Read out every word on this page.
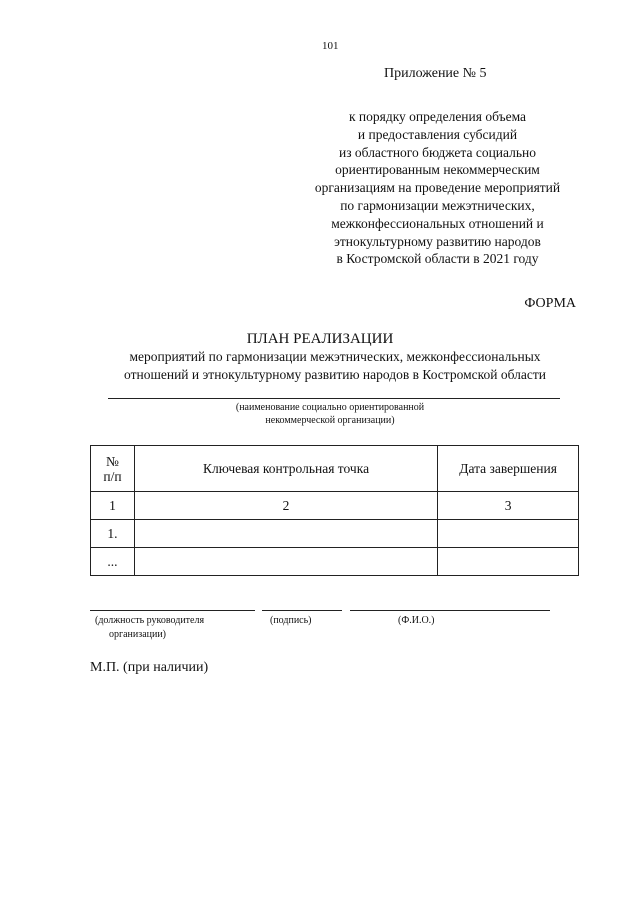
101
Приложение № 5
к порядку определения объема
и предоставления субсидий
из областного бюджета социально
ориентированным некоммерческим
организациям на проведение мероприятий
по гармонизации межэтнических,
межконфессиональных отношений и
этнокультурному развитию народов
в Костромской области в 2021 году
ФОРМА
ПЛАН РЕАЛИЗАЦИИ
мероприятий по гармонизации межэтнических, межконфессиональных
отношений и этнокультурному развитию народов в Костромской области
(наименование социально ориентированной
некоммерческой организации)
№
п/п	Ключевая контрольная точка	Дата завершения
1	2	3
1.		
...		
(должность руководителя
организации)
(подпись)	(Ф.И.О.)
М.П. (при наличии)
